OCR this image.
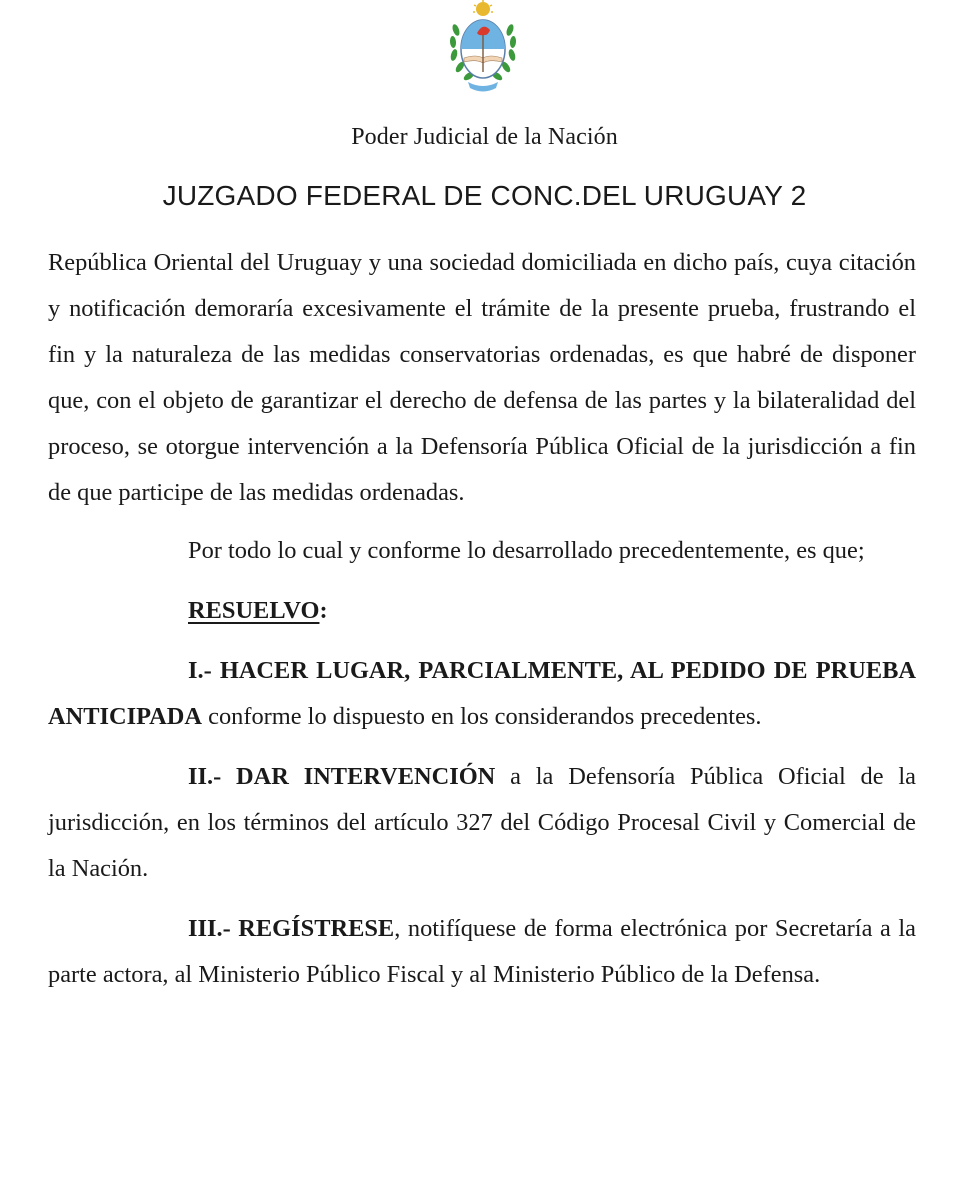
Poder Judicial de la Nación
JUZGADO FEDERAL DE CONC.DEL URUGUAY 2

República Oriental del Uruguay y una sociedad domiciliada en dicho país, cuya citación y notificación demoraría excesivamente el trámite de la presente prueba, frustrando el fin y la naturaleza de las medidas conservatorias ordenadas, es que habré de disponer que, con el objeto de garantizar el derecho de defensa de las partes y la bilateralidad del proceso, se otorgue intervención a la Defensoría Pública Oficial de la jurisdicción a fin de que participe de las medidas ordenadas.

Por todo lo cual y conforme lo desarrollado precedentemente, es que;

RESUELVO:

I.- HACER LUGAR, PARCIALMENTE, AL PEDIDO DE PRUEBA ANTICIPADA conforme lo dispuesto en los considerandos precedentes.

II.- DAR INTERVENCIÓN a la Defensoría Pública Oficial de la jurisdicción, en los términos del artículo 327 del Código Procesal Civil y Comercial de la Nación.

III.- REGÍSTRESE, notifíquese de forma electrónica por Secretaría a la parte actora, al Ministerio Público Fiscal y al Ministerio Público de la Defensa.
